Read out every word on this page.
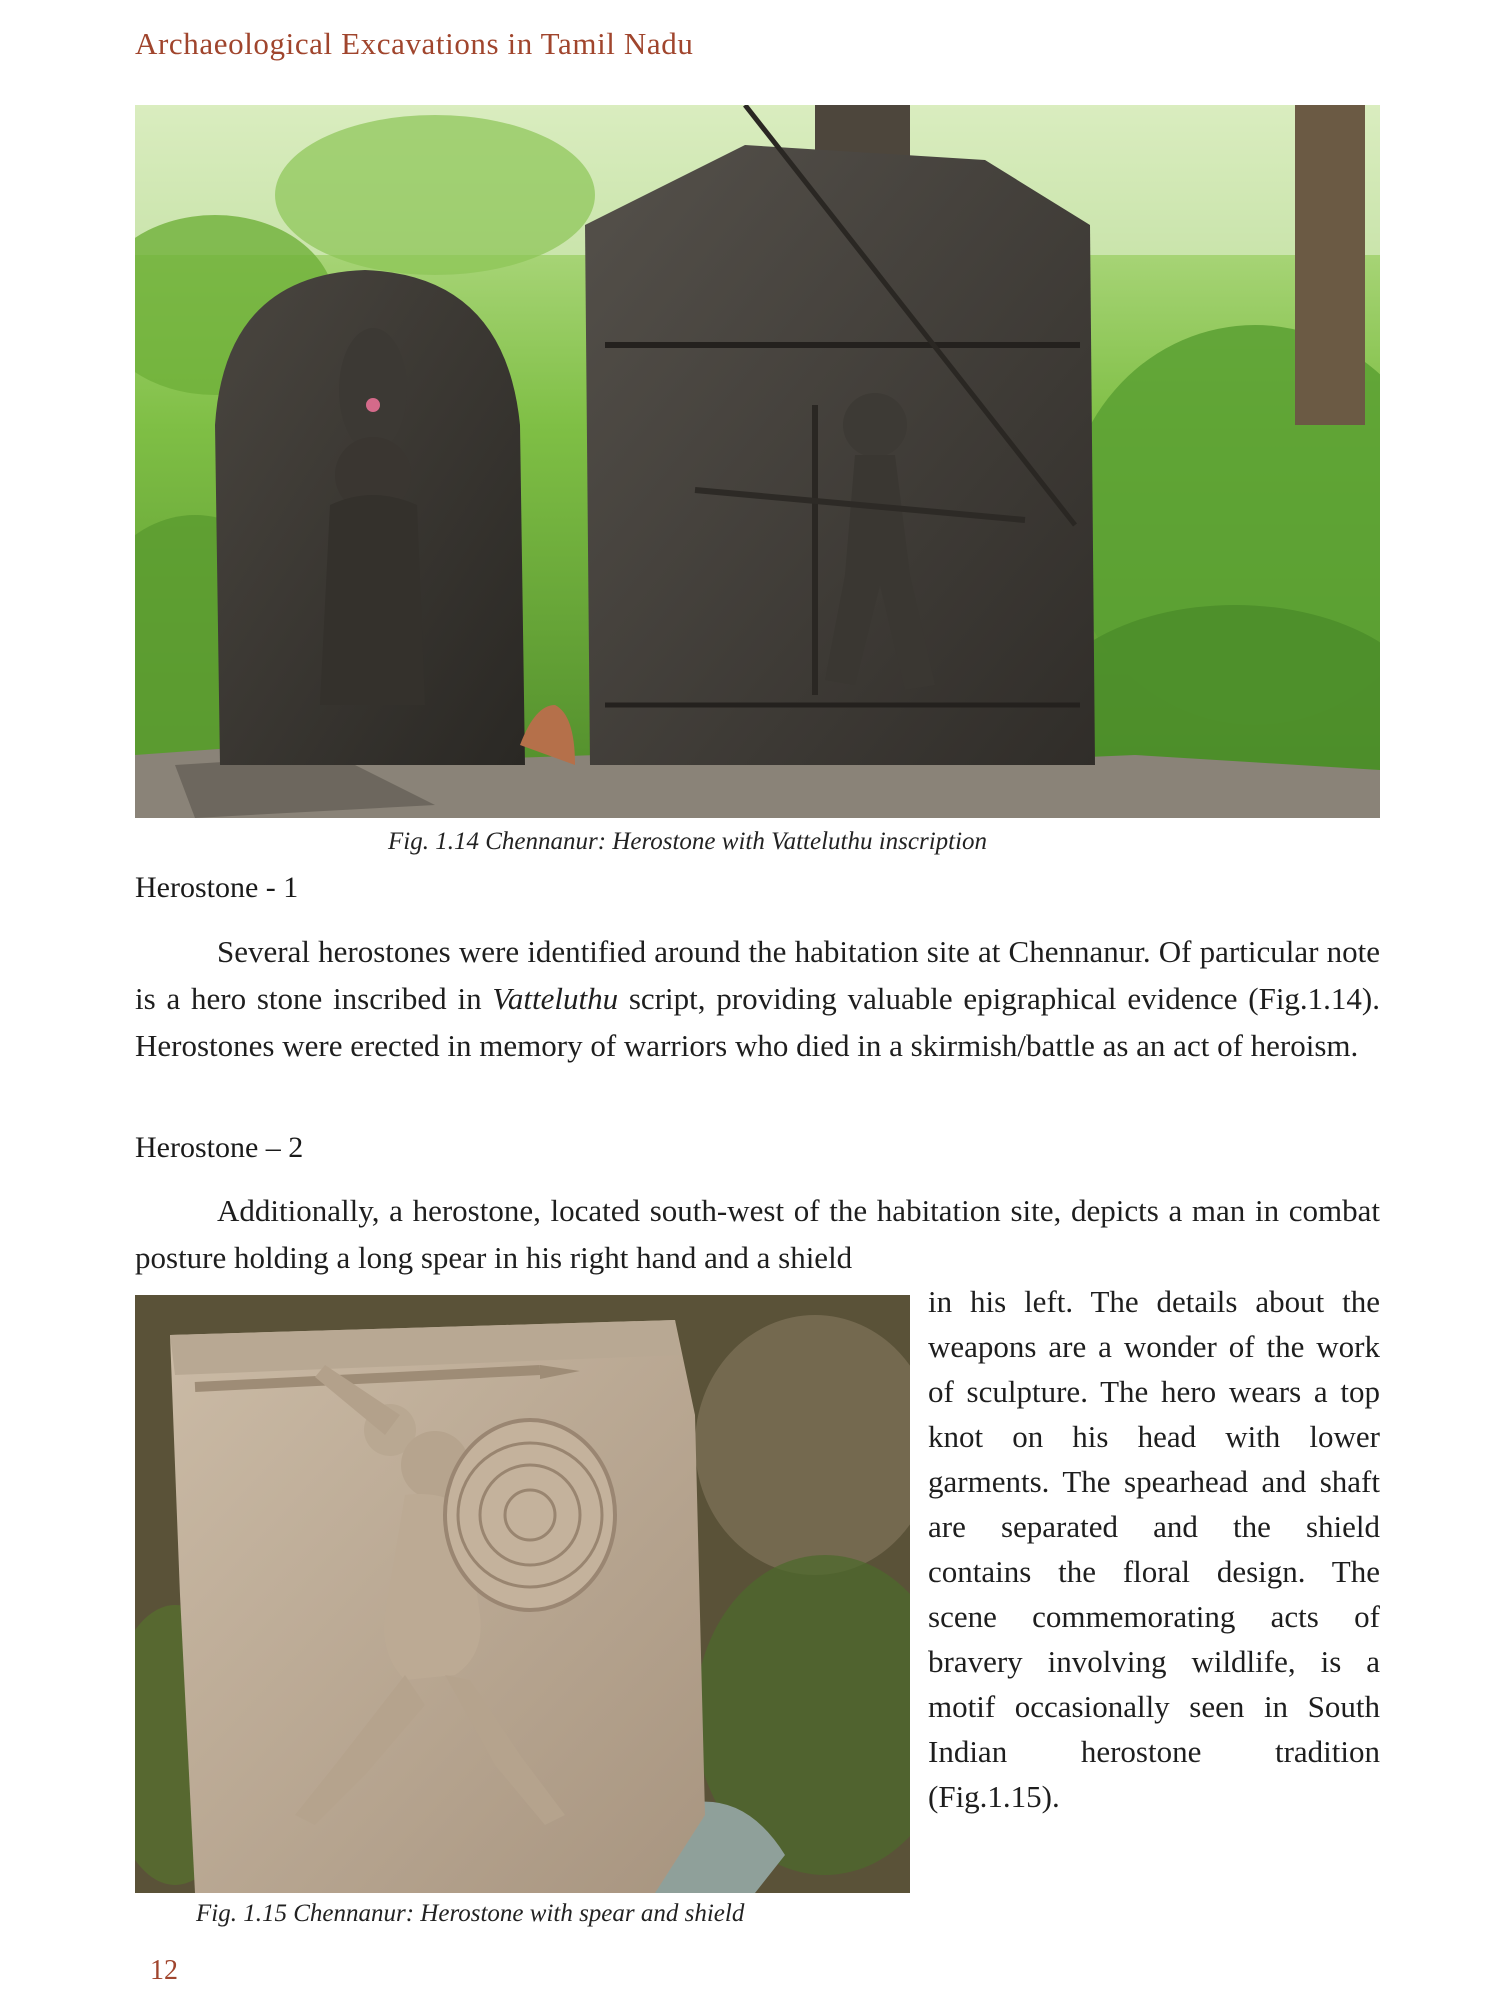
Archaeological Excavations in Tamil Nadu
Fig. 1.14 Chennanur: Herostone with Vatteluthu inscription
Herostone - 1
Several herostones were identified around the habitation site at Chennanur. Of particular note is a hero stone inscribed in Vatteluthu script, providing valuable epigraphical evidence (Fig.1.14). Herostones were erected in memory of warriors who died in a skirmish/battle as an act of heroism.
Herostone – 2
Additionally, a herostone, located south-west of the habitation site, depicts a man in combat posture holding a long spear in his right hand and a shield
Fig. 1.15 Chennanur: Herostone with spear and shield
in his left. The details about the weapons are a wonder of the work of sculpture. The hero wears a top knot on his head with lower garments. The spearhead and shaft are separated and the shield contains the floral design. The scene commemorating acts of bravery involving wildlife, is a motif occasionally seen in South Indian herostone tradition (Fig.1.15).
12
